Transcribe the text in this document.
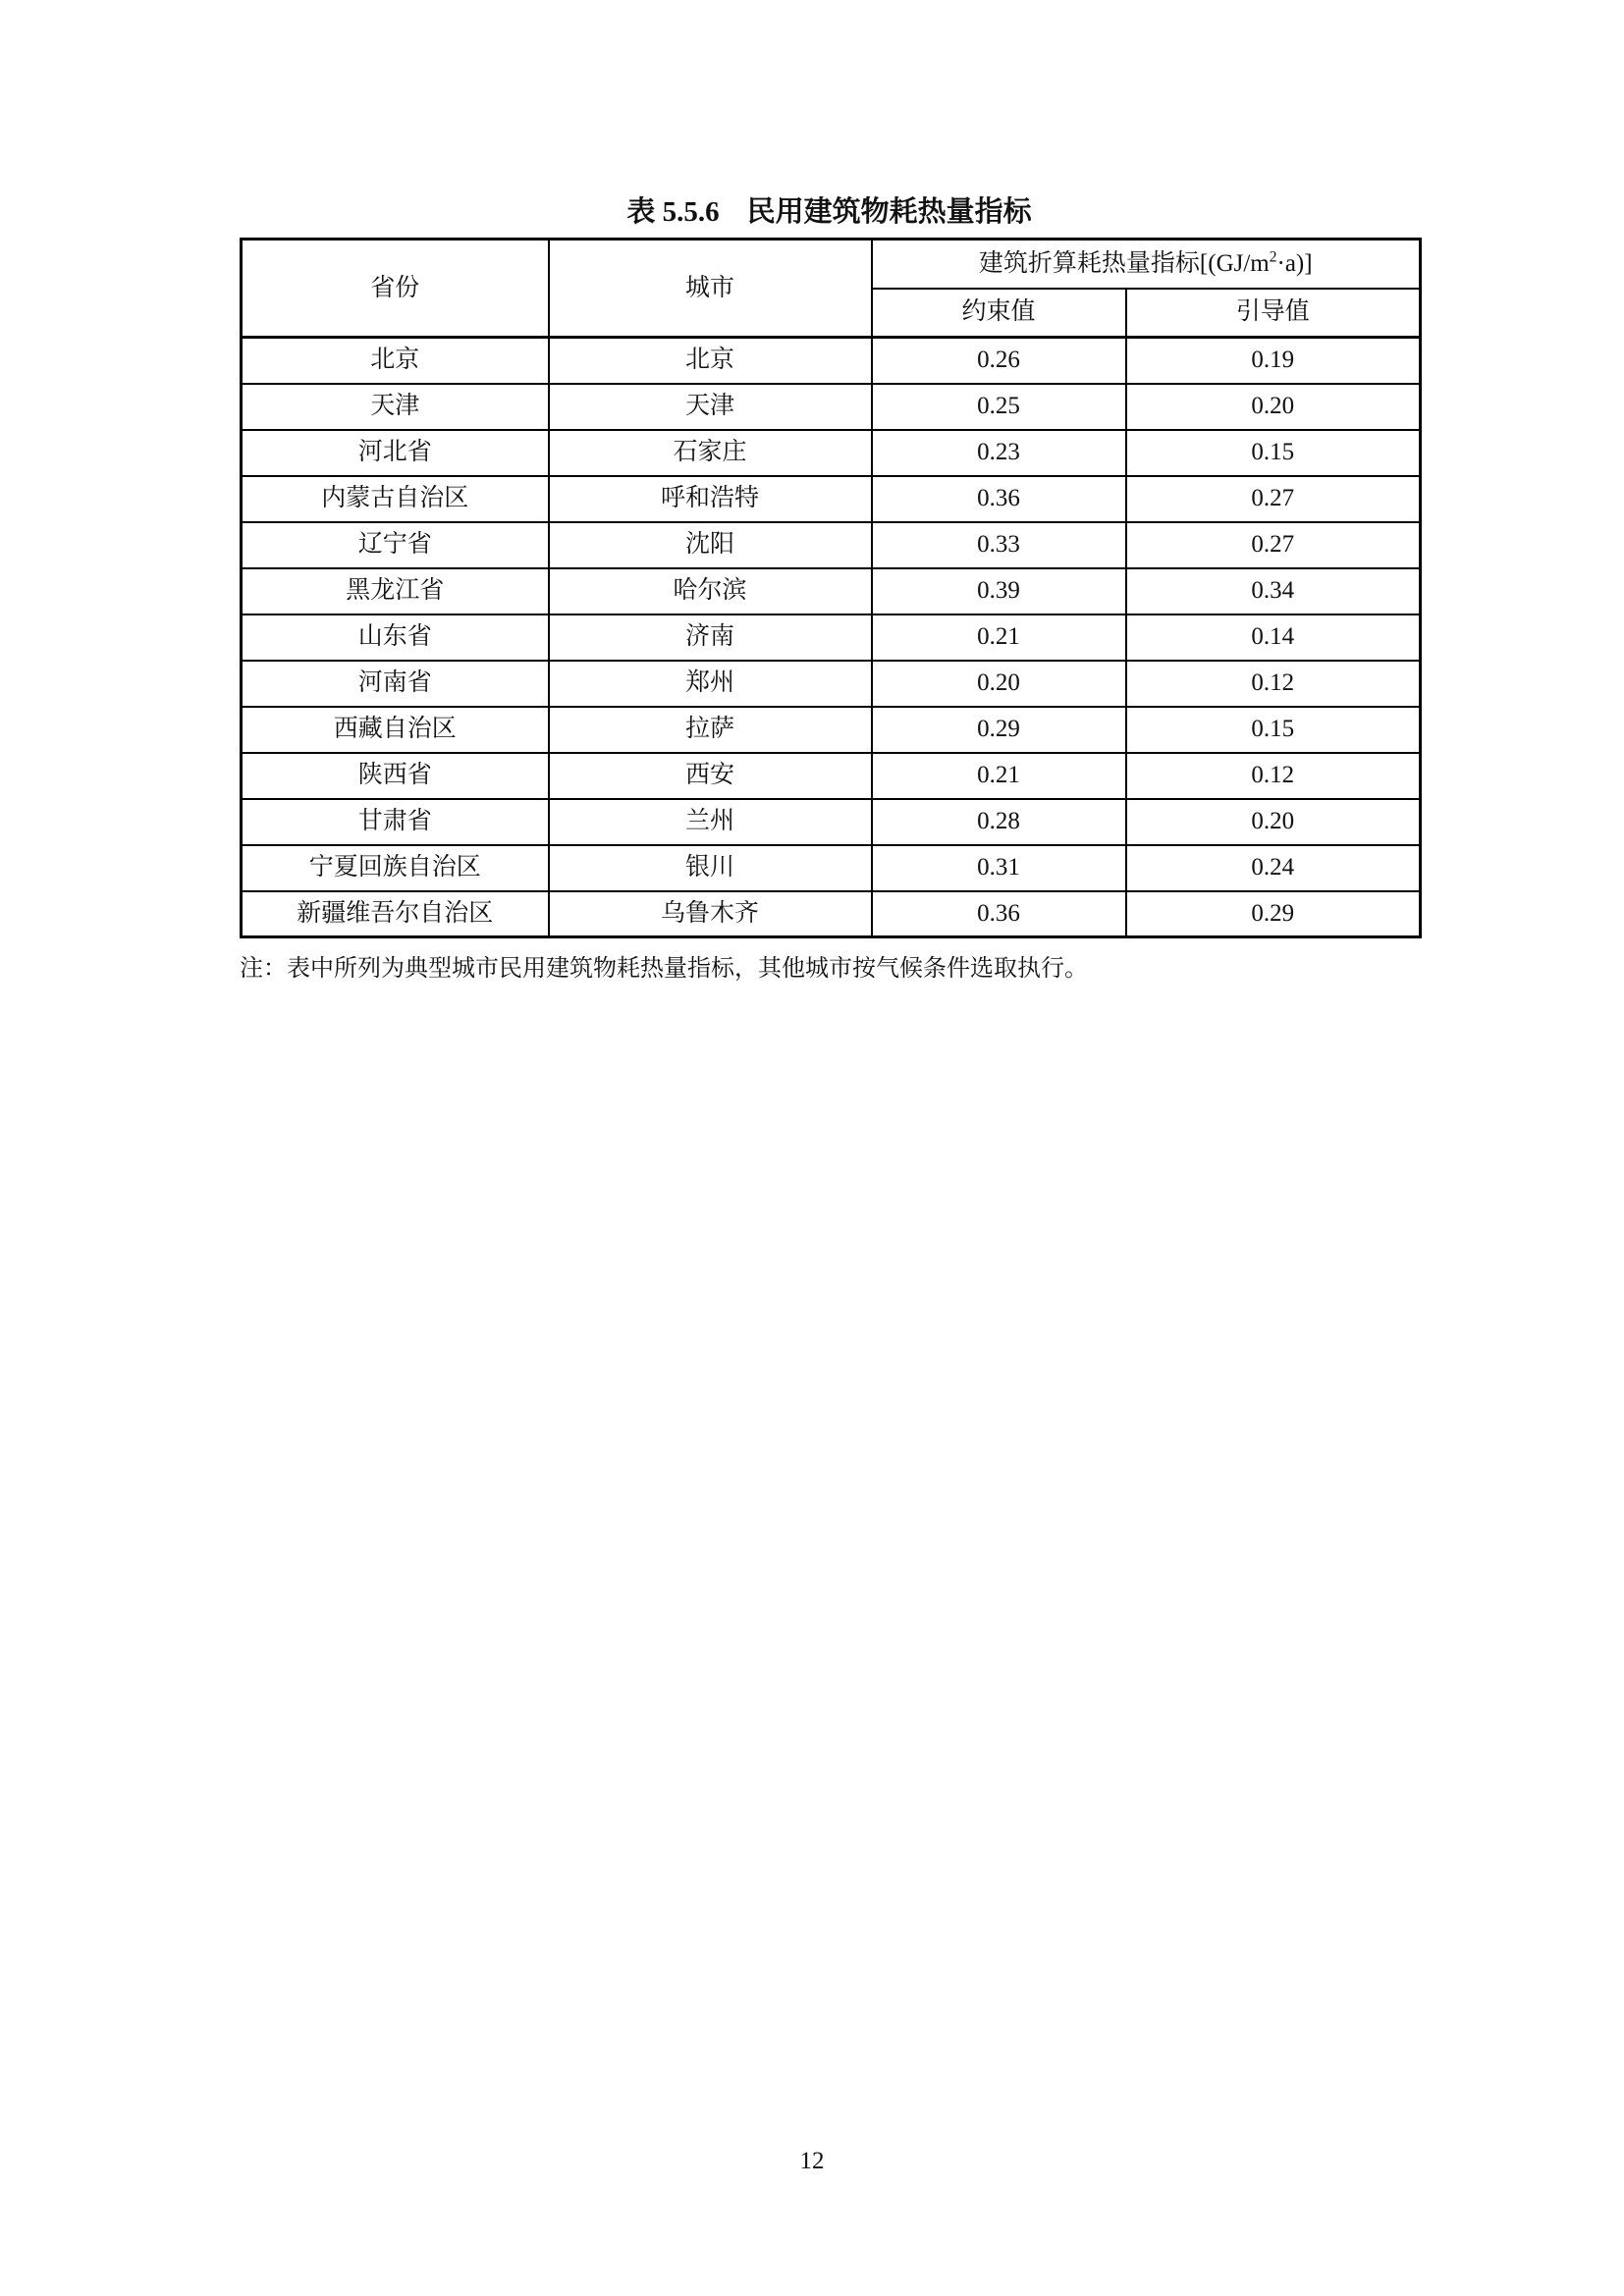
表 5.5.6 民用建筑物耗热量指标
省份	城市	建筑折算耗热量指标$[(GJ/m^2\cdot a)]$	
		约束值	引导值
北京	北京	0.26	0.19
天津	天津	0.25	0.20
河北省	石家庄	0.23	0.15
内蒙古自治区	呼和浩特	0.36	0.27
辽宁省	沈阳	0.33	0.27
黑龙江省	哈尔滨	0.39	0.34
山东省	济南	0.21	0.14
河南省	郑州	0.20	0.12
西藏自治区	拉萨	0.29	0.15
陕西省	西安	0.21	0.12
甘肃省	兰州	0.28	0.20
宁夏回族自治区	银川	0.31	0.24
新疆维吾尔自治区	乌鲁木齐	0.36	0.29
注：表中所列为典型城市民用建筑物耗热量指标，其他城市按气候条件选取执行。
12
